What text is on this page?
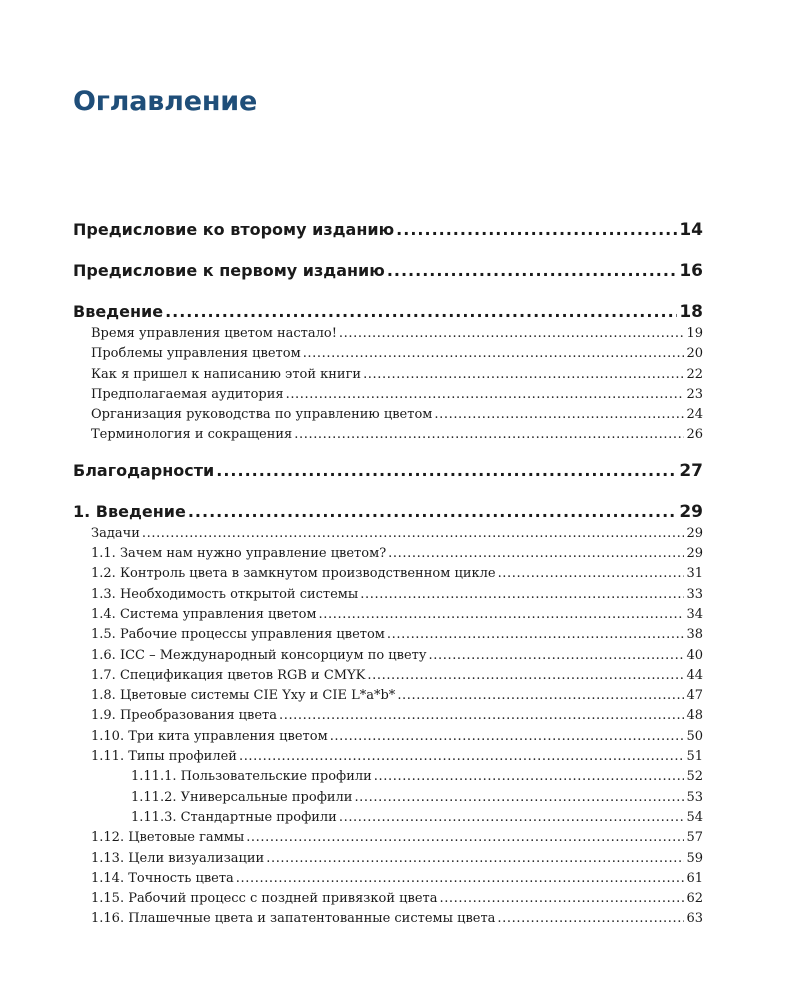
Оглавление
Предисловие ко второму изданию .....	14
Предисловие к первому изданию .....	16
Введение .....	18
Время управления цветом настало! .....	19
Проблемы управления цветом .....	20
Как я пришел к написанию этой книги .....	22
Предполагаемая аудитория .....	23
Организация руководства по управлению цветом .....	24
Терминология и сокращения .....	26
Благодарности .....	27
1. Введение .....	29
Задачи .....	29
1.1. Зачем нам нужно управление цветом? .....	29
1.2. Контроль цвета в замкнутом производственном цикле .....	31
1.3. Необходимость открытой системы .....	33
1.4. Система управления цветом .....	34
1.5. Рабочие процессы управления цветом .....	38
1.6. ICC – Международный консорциум по цвету .....	40
1.7. Спецификация цветов RGB и CMYK .....	44
1.8. Цветовые системы CIE Yxy и CIE L*a*b* .....	47
1.9. Преобразования цвета .....	48
1.10. Три кита управления цветом .....	50
1.11. Типы профилей .....	51
1.11.1. Пользовательские профили .....	52
1.11.2. Универсальные профили .....	53
1.11.3. Стандартные профили .....	54
1.12. Цветовые гаммы .....	57
1.13. Цели визуализации .....	59
1.14. Точность цвета .....	61
1.15. Рабочий процесс с поздней привязкой цвета .....	62
1.16. Плашечные цвета и запатентованные системы цвета .....	63
